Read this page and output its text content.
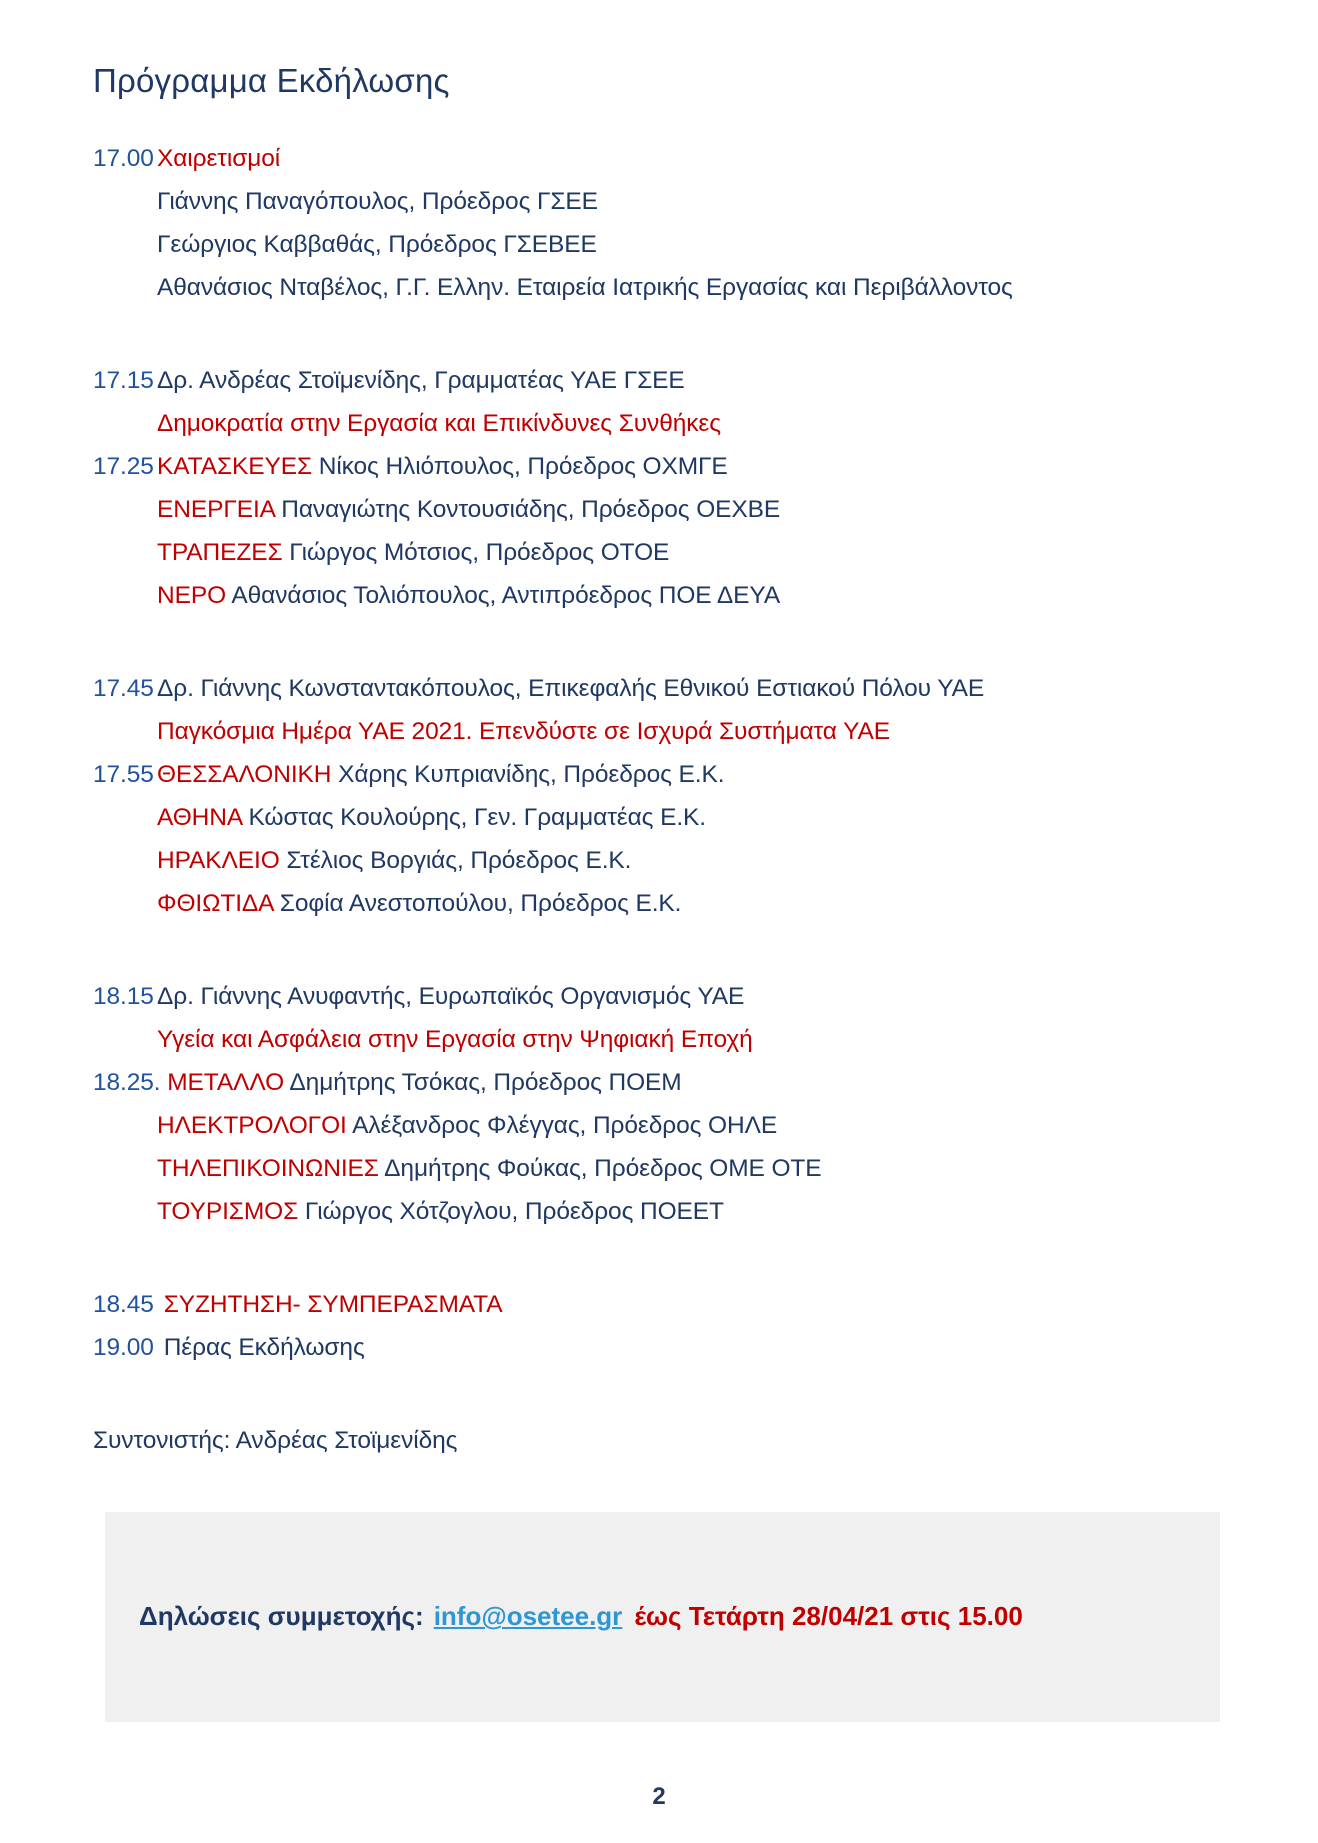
Πρόγραμμα Εκδήλωσης
17.00 Χαιρετισμοί
Γιάννης Παναγόπουλος, Πρόεδρος ΓΣΕΕ
Γεώργιος Καββαθάς, Πρόεδρος ΓΣΕΒΕΕ
Αθανάσιος Νταβέλος, Γ.Γ. Ελλην. Εταιρεία Ιατρικής Εργασίας και Περιβάλλοντος
17.15 Δρ. Ανδρέας Στοϊμενίδης, Γραμματέας ΥΑΕ ΓΣΕΕ
Δημοκρατία στην Εργασία και Επικίνδυνες Συνθήκες
17.25 ΚΑΤΑΣΚΕΥΕΣ Νίκος Ηλιόπουλος, Πρόεδρος ΟΧΜΓΕ
ΕΝΕΡΓΕΙΑ Παναγιώτης Κοντουσιάδης, Πρόεδρος ΟΕΧΒΕ
ΤΡΑΠΕΖΕΣ Γιώργος Μότσιος, Πρόεδρος ΟΤΟΕ
ΝΕΡΟ Αθανάσιος Τολιόπουλος, Αντιπρόεδρος ΠΟΕ ΔΕΥΑ
17.45 Δρ. Γιάννης Κωνσταντακόπουλος, Επικεφαλής Εθνικού Εστιακού Πόλου ΥΑΕ
Παγκόσμια Ημέρα ΥΑΕ 2021. Επενδύστε σε Ισχυρά Συστήματα ΥΑΕ
17.55 ΘΕΣΣΑΛΟΝΙΚΗ Χάρης Κυπριανίδης, Πρόεδρος Ε.Κ.
ΑΘΗΝΑ Κώστας Κουλούρης, Γεν. Γραμματέας Ε.Κ.
ΗΡΑΚΛΕΙΟ Στέλιος Βοργιάς, Πρόεδρος Ε.Κ.
ΦΘΙΩΤΙΔΑ Σοφία Ανεστοπούλου, Πρόεδρος Ε.Κ.
18.15 Δρ. Γιάννης Ανυφαντής, Ευρωπαϊκός Οργανισμός ΥΑΕ
Υγεία και Ασφάλεια στην Εργασία στην Ψηφιακή Εποχή
18.25. ΜΕΤΑΛΛΟ Δημήτρης Τσόκας, Πρόεδρος ΠΟΕΜ
ΗΛΕΚΤΡΟΛΟΓΟΙ Αλέξανδρος Φλέγγας, Πρόεδρος ΟΗΛΕ
ΤΗΛΕΠΙΚΟΙΝΩΝΙΕΣ Δημήτρης Φούκας, Πρόεδρος ΟΜΕ ΟΤΕ
ΤΟΥΡΙΣΜΟΣ Γιώργος Χότζογλου, Πρόεδρος ΠΟΕΕΤ
18.45 ΣΥΖΗΤΗΣΗ- ΣΥΜΠΕΡΑΣΜΑΤΑ
19.00 Πέρας Εκδήλωσης
Συντονιστής: Ανδρέας Στοϊμενίδης

Δηλώσεις συμμετοχής: info@osetee.gr έως Τετάρτη 28/04/21 στις 15.00

2
